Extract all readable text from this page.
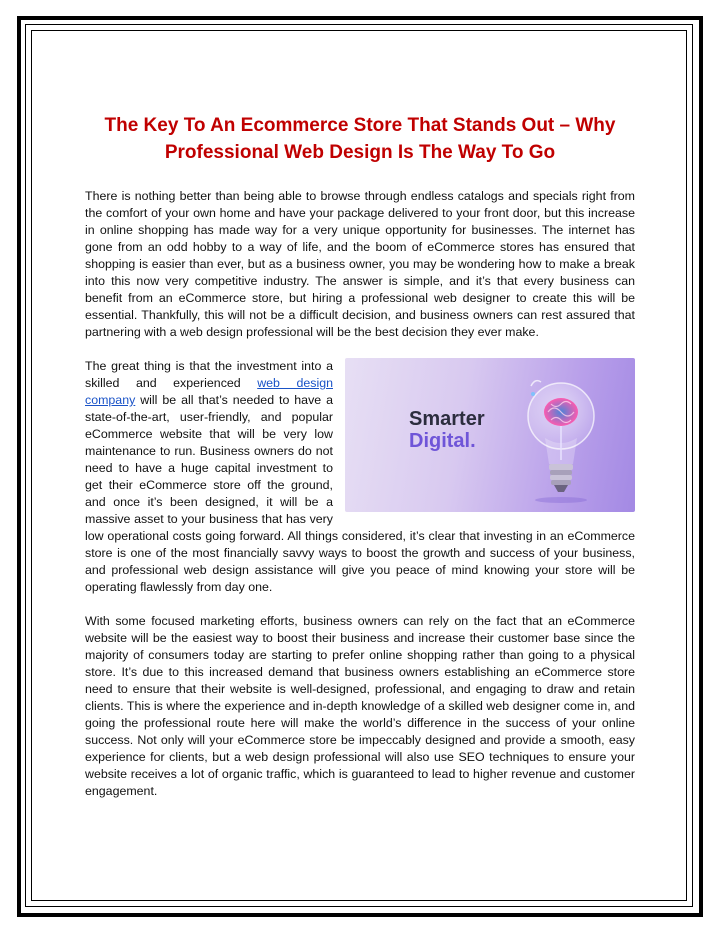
The Key To An Ecommerce Store That Stands Out – Why Professional Web Design Is The Way To Go

There is nothing better than being able to browse through endless catalogs and specials right from the comfort of your own home and have your package delivered to your front door, but this increase in online shopping has made way for a very unique opportunity for businesses. The internet has gone from an odd hobby to a way of life, and the boom of eCommerce stores has ensured that shopping is easier than ever, but as a business owner, you may be wondering how to make a break into this now very competitive industry. The answer is simple, and it’s that every business can benefit from an eCommerce store, but hiring a professional web designer to create this will be essential. Thankfully, this will not be a difficult decision, and business owners can rest assured that partnering with a web design professional will be the best decision they ever make.

Smarter
Digital.
The great thing is that the investment into a skilled and experienced web design company will be all that’s needed to have a state-of-the-art, user-friendly, and popular eCommerce website that will be very low maintenance to run. Business owners do not need to have a huge capital investment to get their eCommerce store off the ground, and once it’s been designed, it will be a massive asset to your business that has very low operational costs going forward. All things considered, it’s clear that investing in an eCommerce store is one of the most financially savvy ways to boost the growth and success of your business, and professional web design assistance will give you peace of mind knowing your store will be operating flawlessly from day one.

With some focused marketing efforts, business owners can rely on the fact that an eCommerce website will be the easiest way to boost their business and increase their customer base since the majority of consumers today are starting to prefer online shopping rather than going to a physical store. It’s due to this increased demand that business owners establishing an eCommerce store need to ensure that their website is well-designed, professional, and engaging to draw and retain clients. This is where the experience and in-depth knowledge of a skilled web designer come in, and going the professional route here will make the world’s difference in the success of your online success. Not only will your eCommerce store be impeccably designed and provide a smooth, easy experience for clients, but a web design professional will also use SEO techniques to ensure your website receives a lot of organic traffic, which is guaranteed to lead to higher revenue and customer engagement.
